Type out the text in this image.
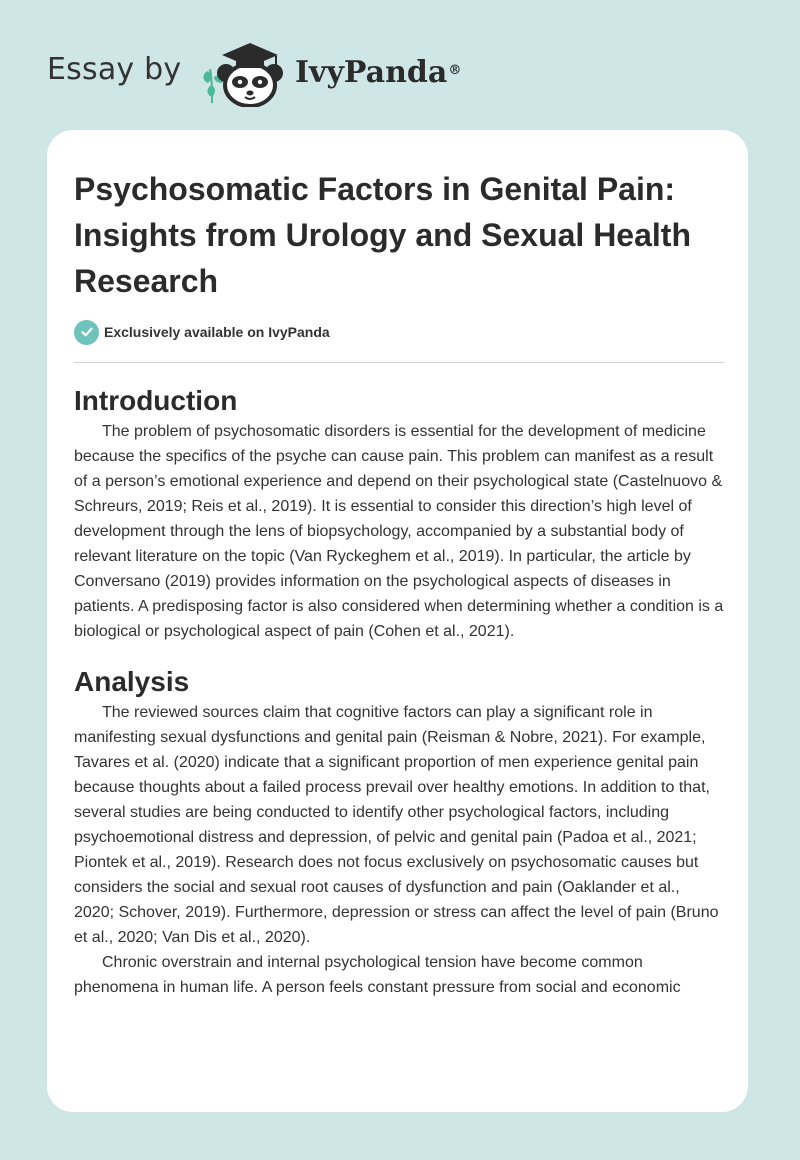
Essay by	IvyPanda®
Psychosomatic Factors in Genital Pain: Insights from Urology and Sexual Health Research
Exclusively available on IvyPanda
Introduction

The problem of psychosomatic disorders is essential for the development of medicine because the specifics of the psyche can cause pain. This problem can manifest as a result of a person’s emotional experience and depend on their psychological state (Castelnuovo & Schreurs, 2019; Reis et al., 2019). It is essential to consider this direction’s high level of development through the lens of biopsychology, accompanied by a substantial body of relevant literature on the topic (Van Ryckeghem et al., 2019). In particular, the article by Conversano (2019) provides information on the psychological aspects of diseases in patients. A predisposing factor is also considered when determining whether a condition is a biological or psychological aspect of pain (Cohen et al., 2021).

Analysis

The reviewed sources claim that cognitive factors can play a significant role in manifesting sexual dysfunctions and genital pain (Reisman & Nobre, 2021). For example, Tavares et al. (2020) indicate that a significant proportion of men experience genital pain because thoughts about a failed process prevail over healthy emotions. In addition to that, several studies are being conducted to identify other psychological factors, including psychoemotional distress and depression, of pelvic and genital pain (Padoa et al., 2021; Piontek et al., 2019). Research does not focus exclusively on psychosomatic causes but considers the social and sexual root causes of dysfunction and pain (Oaklander et al., 2020; Schover, 2019). Furthermore, depression or stress can affect the level of pain (Bruno et al., 2020; Van Dis et al., 2020).

Chronic overstrain and internal psychological tension have become common phenomena in human life. A person feels constant pressure from social and economic
